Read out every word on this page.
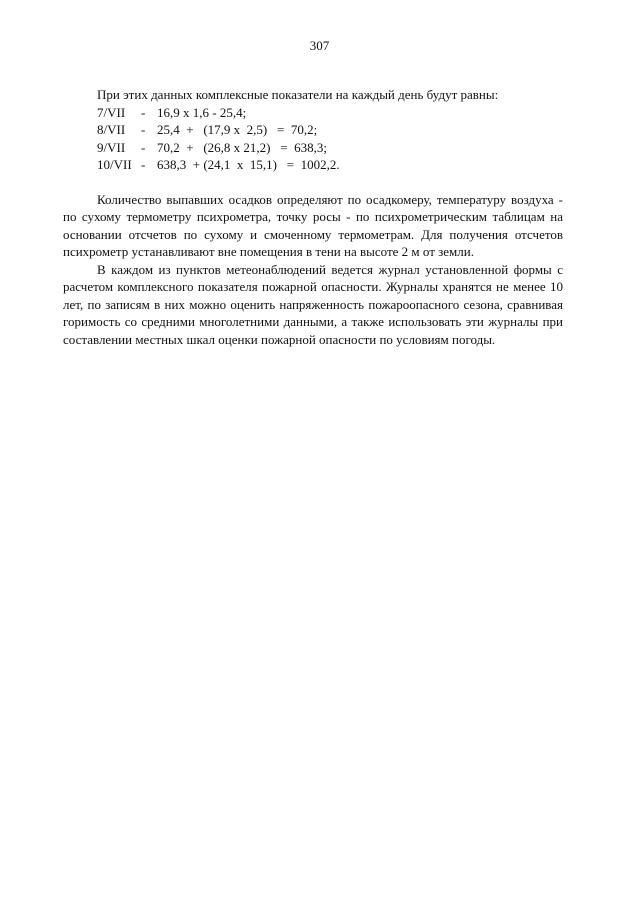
307

При этих данных комплексные показатели на каждый день будут равны:

7/VII	- 16,9 х 1,6 - 25,4;
8/VII	- 25,4  +   (17,9 х  2,5)   =  70,2;
9/VII	- 70,2  +   (26,8 х 21,2)   =  638,3;
10/VII - 638,3  + (24,1  х  15,1)   =  1002,2.

Количество выпавших осадков определяют по осадкомеру, температуру воздуха - по сухому термометру психрометра, точку росы - по психрометрическим таблицам на основании отсчетов по сухому и смоченному термометрам. Для получения отсчетов психрометр устанавливают вне помещения в тени на высоте 2 м от земли.

В каждом из пунктов метеонаблюдений ведется журнал установленной формы с расчетом комплексного показателя пожарной опасности. Журналы хранятся не менее 10 лет, по записям в них можно оценить напряженность пожароопасного сезона, сравнивая горимость со средними многолетними данными, а также использовать эти журналы при составлении местных шкал оценки пожарной опасности по условиям погоды.
